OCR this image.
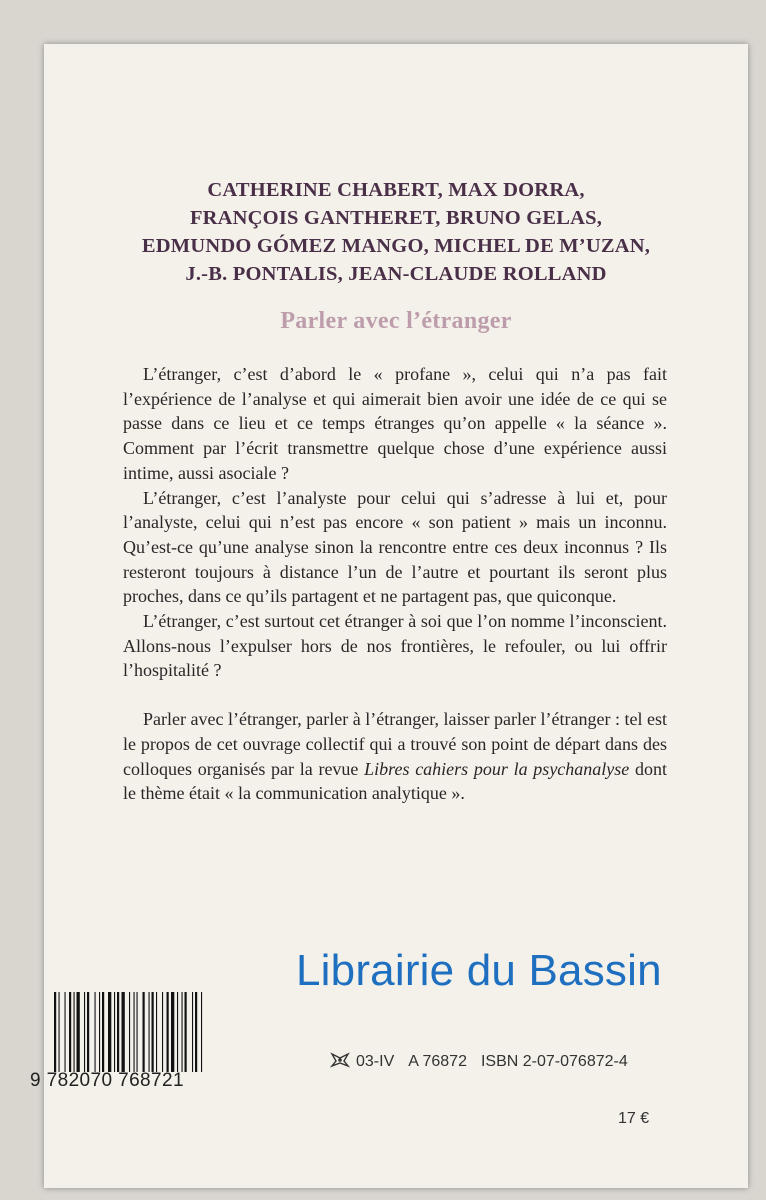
CATHERINE CHABERT, MAX DORRA,
FRANÇOIS GANTHERET, BRUNO GELAS,
EDMUNDO GÓMEZ MANGO, MICHEL DE M’UZAN,
J.-B. PONTALIS, JEAN-CLAUDE ROLLAND
Parler avec l’étranger

L’étranger, c’est d’abord le « profane », celui qui n’a pas fait l’expérience de l’analyse et qui aimerait bien avoir une idée de ce qui se passe dans ce lieu et ce temps étranges qu’on appelle « la séance ». Comment par l’écrit transmettre quelque chose d’une expérience aussi intime, aussi asociale ?

L’étranger, c’est l’analyste pour celui qui s’adresse à lui et, pour l’analyste, celui qui n’est pas encore « son patient » mais un inconnu. Qu’est-ce qu’une analyse sinon la rencontre entre ces deux inconnus ? Ils resteront toujours à distance l’un de l’autre et pourtant ils seront plus proches, dans ce qu’ils partagent et ne partagent pas, que quiconque.

L’étranger, c’est surtout cet étranger à soi que l’on nomme l’inconscient. Allons-nous l’expulser hors de nos frontières, le refouler, ou lui offrir l’hospitalité ?

Parler avec l’étranger, parler à l’étranger, laisser parler l’étranger : tel est le propos de cet ouvrage collectif qui a trouvé son point de départ dans des colloques organisés par la revue Libres cahiers pour la psychanalyse dont le thème était « la communication analytique ».

03-IV A 76872 ISBN 2-07-076872-4
17 €
Librairie du Bassin
9 782070 768721
